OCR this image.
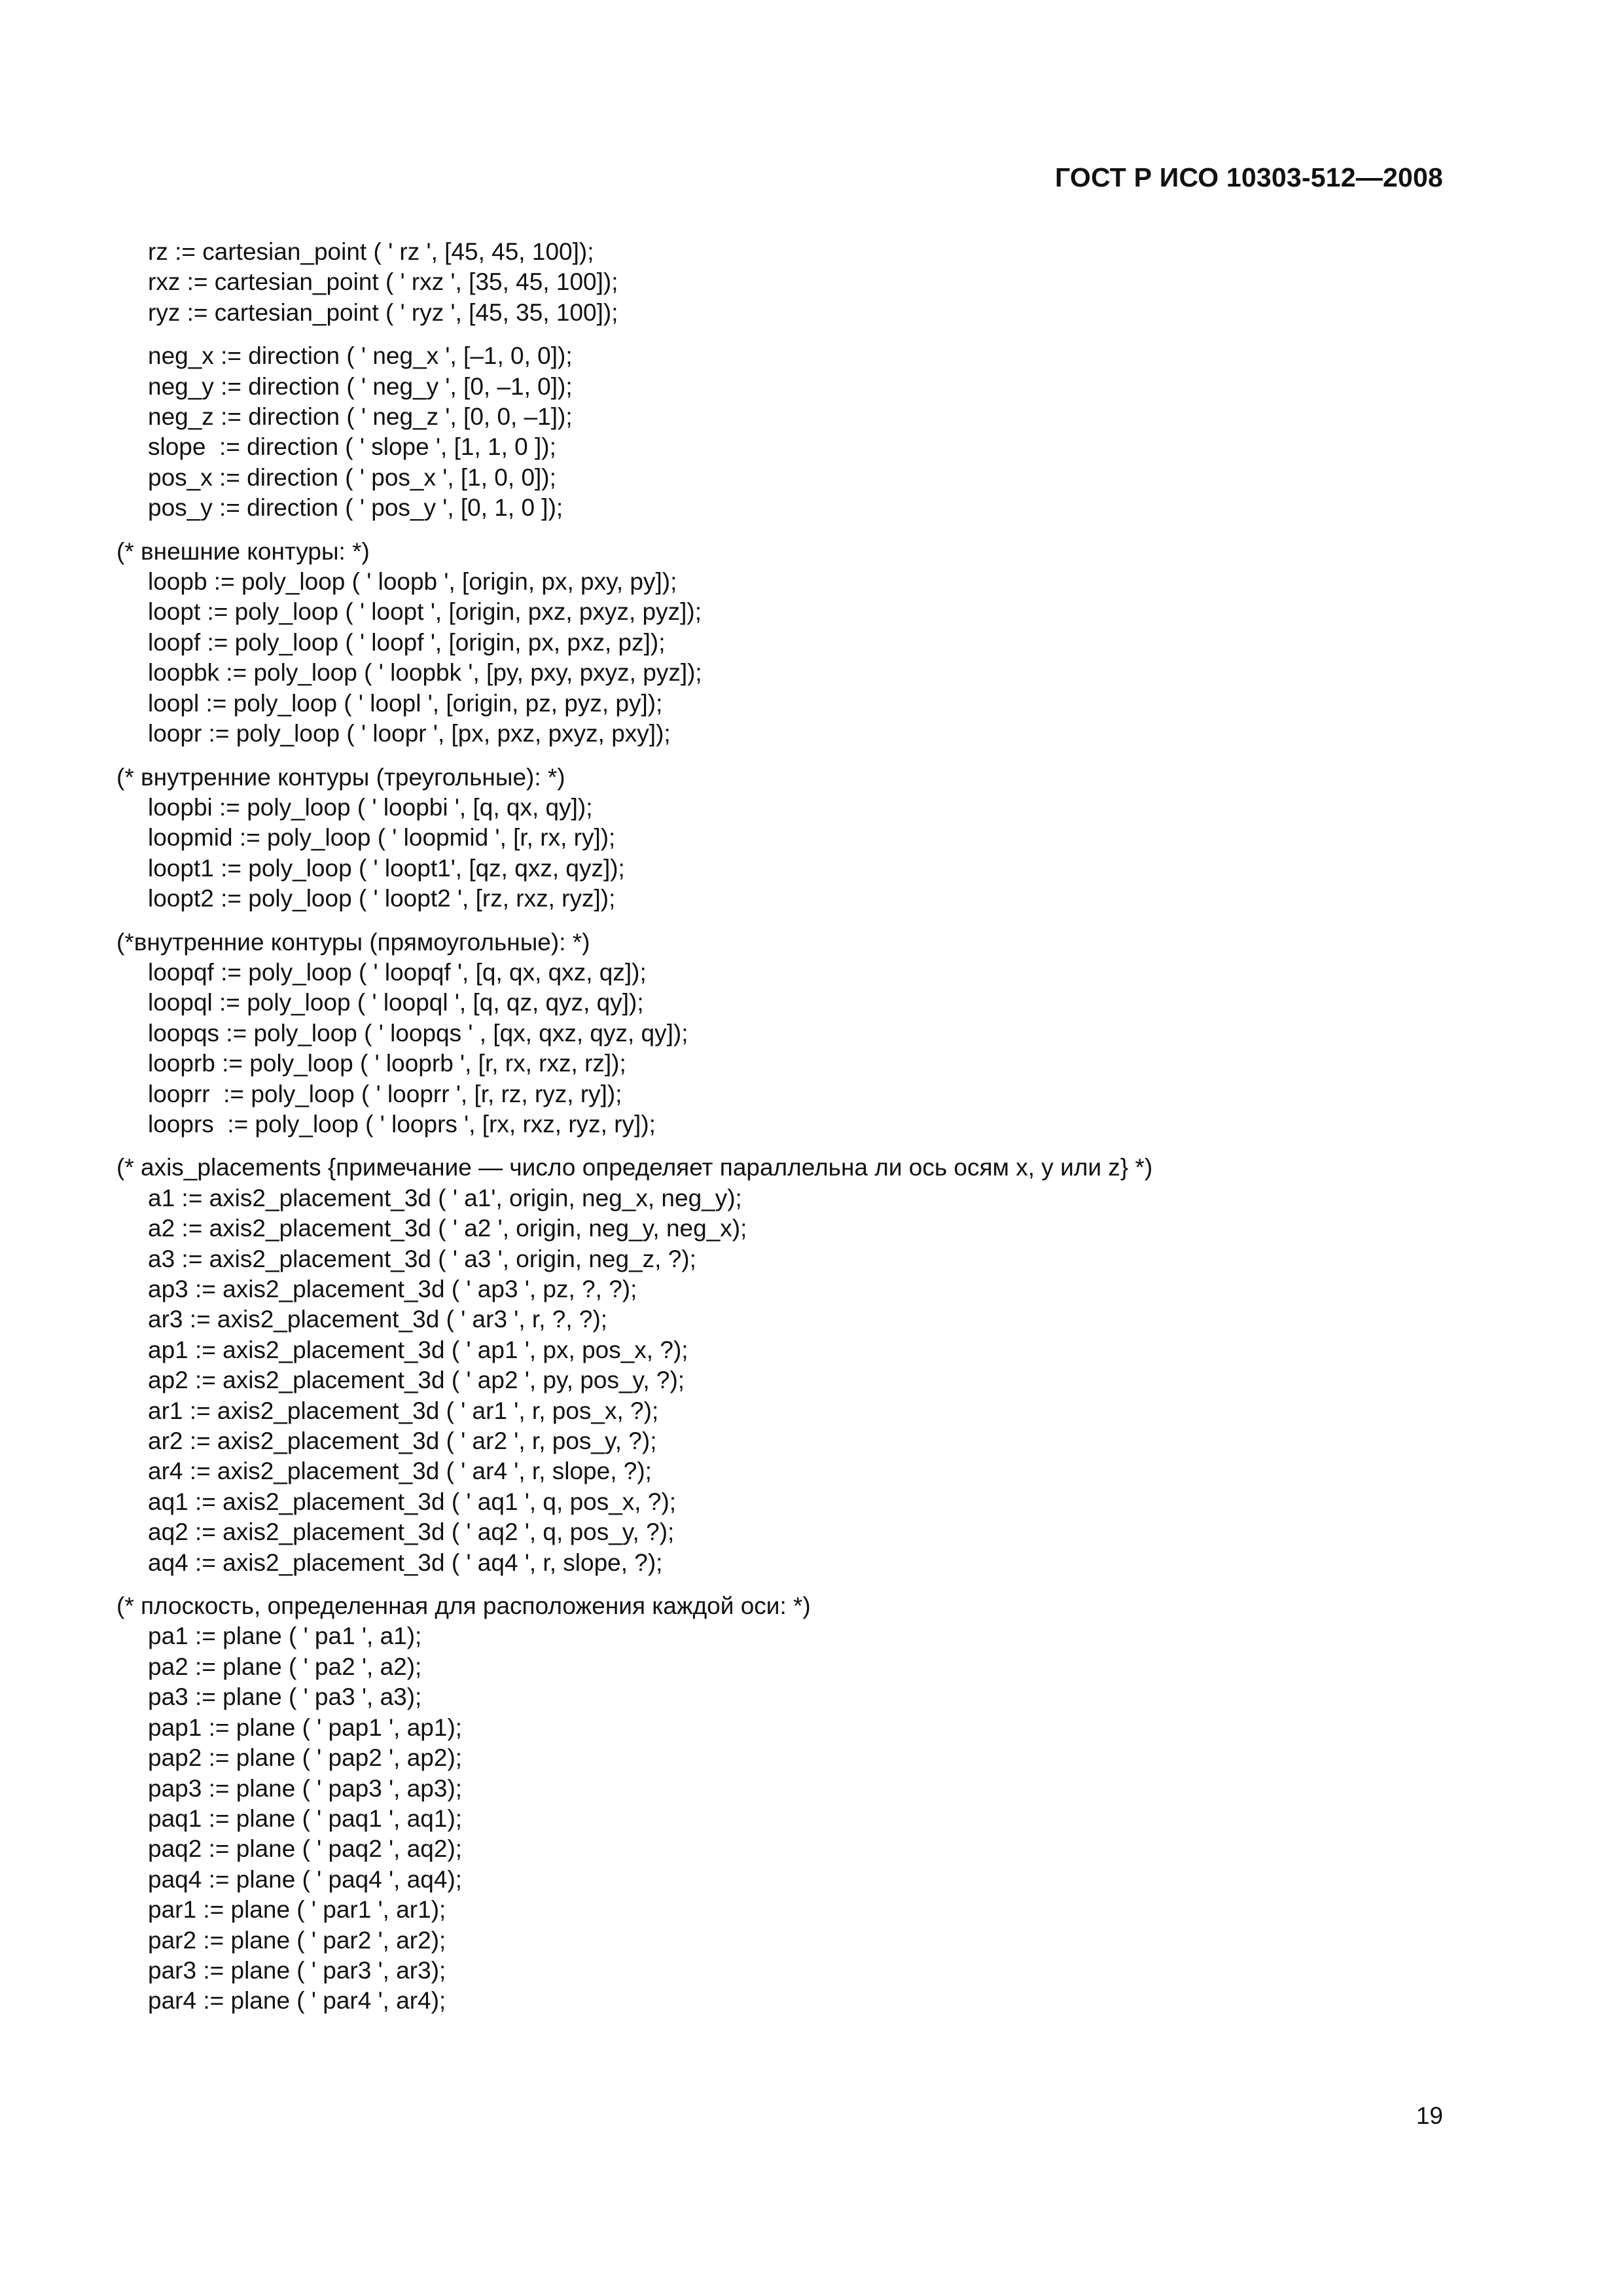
ГОСТ Р ИСО 10303-512—2008
rz := cartesian_point ( ' rz ', [45, 45, 100]);
rxz := cartesian_point ( ' rxz ', [35, 45, 100]);
ryz := cartesian_point ( ' ryz ', [45, 35, 100]);
neg_x := direction ( ' neg_x ', [–1, 0, 0]);
neg_y := direction ( ' neg_y ', [0, –1, 0]);
neg_z := direction ( ' neg_z ', [0, 0, –1]);
slope  := direction ( ' slope ', [1, 1, 0 ]);
pos_x := direction ( ' pos_x ', [1, 0, 0]);
pos_y := direction ( ' pos_y ', [0, 1, 0 ]);
(* внешние контуры: *)
loopb := poly_loop ( ' loopb ', [origin, px, pxy, py]);
loopt := poly_loop ( ' loopt ', [origin, pxz, pxyz, pyz]);
loopf := poly_loop ( ' loopf ', [origin, px, pxz, pz]);
loopbk := poly_loop ( ' loopbk ', [py, pxy, pxyz, pyz]);
loopl := poly_loop ( ' loopl ', [origin, pz, pyz, py]);
loopr := poly_loop ( ' loopr ', [px, pxz, pxyz, pxy]);
(* внутренние контуры (треугольные): *)
loopbi := poly_loop ( ' loopbi ', [q, qx, qy]);
loopmid := poly_loop ( ' loopmid ', [r, rx, ry]);
loopt1 := poly_loop ( ' loopt1', [qz, qxz, qyz]);
loopt2 := poly_loop ( ' loopt2 ', [rz, rxz, ryz]);
(*внутренние контуры (прямоугольные): *)
loopqf := poly_loop ( ' loopqf ', [q, qx, qxz, qz]);
loopql := poly_loop ( ' loopql ', [q, qz, qyz, qy]);
loopqs := poly_loop ( ' loopqs ' , [qx, qxz, qyz, qy]);
looprb := poly_loop ( ' looprb ', [r, rx, rxz, rz]);
looprr  := poly_loop ( ' looprr ', [r, rz, ryz, ry]);
looprs  := poly_loop ( ' looprs ', [rx, rxz, ryz, ry]);
(* axis_placements {примечание — число определяет параллельна ли ось осям x, y или z} *)
a1 := axis2_placement_3d ( ' a1', origin, neg_x, neg_y);
a2 := axis2_placement_3d ( ' a2 ', origin, neg_y, neg_x);
a3 := axis2_placement_3d ( ' a3 ', origin, neg_z, ?);
ap3 := axis2_placement_3d ( ' ap3 ', pz, ?, ?);
ar3 := axis2_placement_3d ( ' ar3 ', r, ?, ?);
ap1 := axis2_placement_3d ( ' ap1 ', px, pos_x, ?);
ap2 := axis2_placement_3d ( ' ap2 ', py, pos_y, ?);
ar1 := axis2_placement_3d ( ' ar1 ', r, pos_x, ?);
ar2 := axis2_placement_3d ( ' ar2 ', r, pos_y, ?);
ar4 := axis2_placement_3d ( ' ar4 ', r, slope, ?);
aq1 := axis2_placement_3d ( ' aq1 ', q, pos_x, ?);
aq2 := axis2_placement_3d ( ' aq2 ', q, pos_y, ?);
aq4 := axis2_placement_3d ( ' aq4 ', r, slope, ?);
(* плоскость, определенная для расположения каждой оси: *)
pa1 := plane ( ' pa1 ', a1);
pa2 := plane ( ' pa2 ', a2);
pa3 := plane ( ' pa3 ', a3);
pap1 := plane ( ' pap1 ', ap1);
pap2 := plane ( ' pap2 ', ap2);
pap3 := plane ( ' pap3 ', ap3);
paq1 := plane ( ' paq1 ', aq1);
paq2 := plane ( ' paq2 ', aq2);
paq4 := plane ( ' paq4 ', aq4);
par1 := plane ( ' par1 ', ar1);
par2 := plane ( ' par2 ', ar2);
par3 := plane ( ' par3 ', ar3);
par4 := plane ( ' par4 ', ar4);
19
